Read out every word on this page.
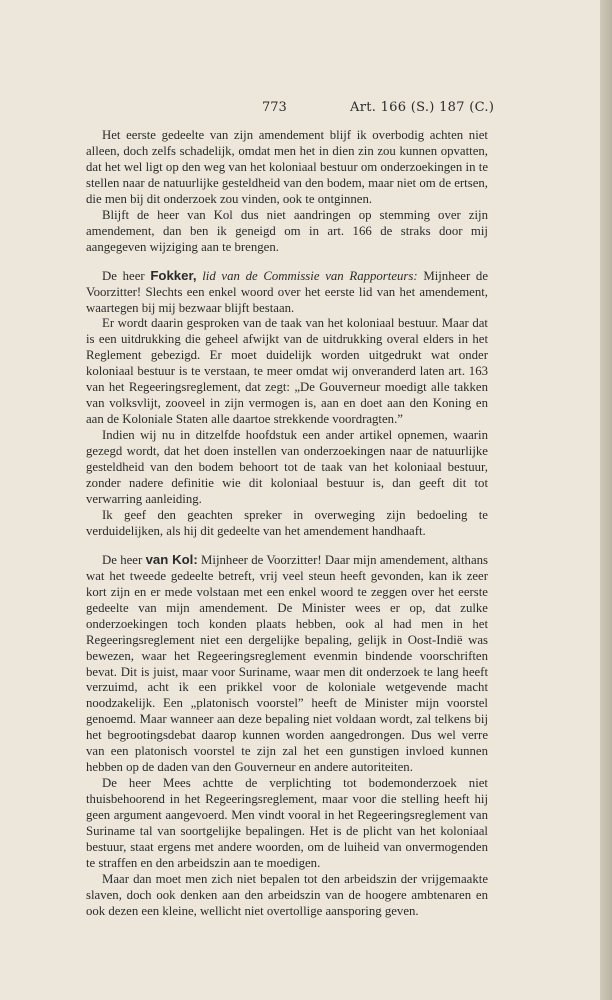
773	Art. 166 (S.) 187 (C.)

Het eerste gedeelte van zijn amendement blijf ik overbodig achten niet alleen, doch zelfs schadelijk, omdat men het in dien zin zou kunnen opvatten, dat het wel ligt op den weg van het koloniaal bestuur om onderzoekingen in te stellen naar de natuurlijke gesteldheid van den bodem, maar niet om de ertsen, die men bij dit onderzoek zou vinden, ook te ontginnen.

Blijft de heer van Kol dus niet aandringen op stemming over zijn amendement, dan ben ik geneigd om in art. 166 de straks door mij aangegeven wijziging aan te brengen.

De heer Fokker, lid van de Commissie van Rapporteurs: Mijnheer de Voorzitter! Slechts een enkel woord over het eerste lid van het amendement, waartegen bij mij bezwaar blijft bestaan.

Er wordt daarin gesproken van de taak van het koloniaal bestuur. Maar dat is een uitdrukking die geheel afwijkt van de uitdrukking overal elders in het Reglement gebezigd. Er moet duidelijk worden uitgedrukt wat onder koloniaal bestuur is te verstaan, te meer omdat wij onveranderd laten art. 163 van het Regeeringsreglement, dat zegt: „De Gouverneur moedigt alle takken van volksvlijt, zooveel in zijn vermogen is, aan en doet aan den Koning en aan de Koloniale Staten alle daartoe strekkende voordragten.”

Indien wij nu in ditzelfde hoofdstuk een ander artikel opnemen, waarin gezegd wordt, dat het doen instellen van onderzoekingen naar de natuurlijke gesteldheid van den bodem behoort tot de taak van het koloniaal bestuur, zonder nadere definitie wie dit koloniaal bestuur is, dan geeft dit tot verwarring aanleiding.

Ik geef den geachten spreker in overweging zijn bedoeling te verduidelijken, als hij dit gedeelte van het amendement handhaaft.

De heer van Kol: Mijnheer de Voorzitter! Daar mijn amendement, althans wat het tweede gedeelte betreft, vrij veel steun heeft gevonden, kan ik zeer kort zijn en er mede volstaan met een enkel woord te zeggen over het eerste gedeelte van mijn amendement. De Minister wees er op, dat zulke onderzoekingen toch konden plaats hebben, ook al had men in het Regeeringsreglement niet een dergelijke bepaling, gelijk in Oost-Indië was bewezen, waar het Regeeringsreglement evenmin bindende voorschriften bevat. Dit is juist, maar voor Suriname, waar men dit onderzoek te lang heeft verzuimd, acht ik een prikkel voor de koloniale wetgevende macht noodzakelijk. Een „platonisch voorstel” heeft de Minister mijn voorstel genoemd. Maar wanneer aan deze bepaling niet voldaan wordt, zal telkens bij het begrootingsdebat daarop kunnen worden aangedrongen. Dus wel verre van een platonisch voorstel te zijn zal het een gunstigen invloed kunnen hebben op de daden van den Gouverneur en andere autoriteiten.

De heer Mees achtte de verplichting tot bodemonderzoek niet thuisbehoorend in het Regeeringsreglement, maar voor die stelling heeft hij geen argument aangevoerd. Men vindt vooral in het Regeeringsreglement van Suriname tal van soortgelijke bepalingen. Het is de plicht van het koloniaal bestuur, staat ergens met andere woorden, om de luiheid van onvermogenden te straffen en den arbeidszin aan te moedigen.

Maar dan moet men zich niet bepalen tot den arbeidszin der vrijgemaakte slaven, doch ook denken aan den arbeidszin van de hoogere ambtenaren en ook dezen een kleine, wellicht niet overtollige aansporing geven.
